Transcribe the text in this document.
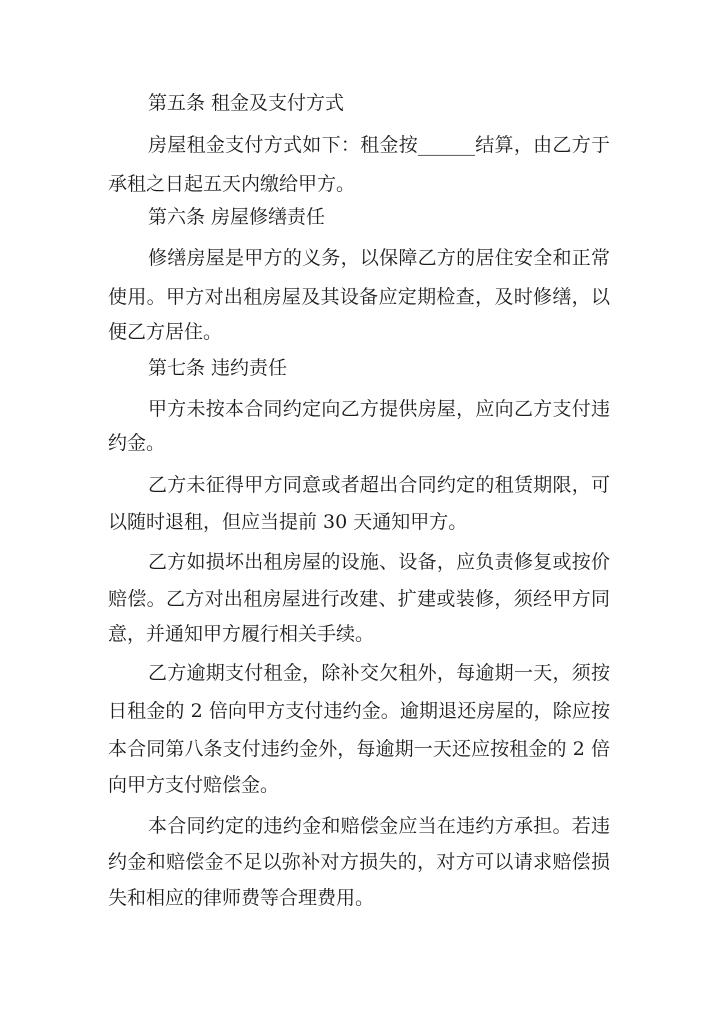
第五条 租金及支付方式
房屋租金支付方式如下：租金按______结算，由乙方于
承租之日起五天内缴给甲方。
第六条 房屋修缮责任
修缮房屋是甲方的义务，以保障乙方的居住安全和正常
使用。甲方对出租房屋及其设备应定期检查，及时修缮，以
便乙方居住。
第七条 违约责任
甲方未按本合同约定向乙方提供房屋，应向乙方支付违
约金。
乙方未征得甲方同意或者超出合同约定的租赁期限，可
以随时退租，但应当提前 30 天通知甲方。
乙方如损坏出租房屋的设施、设备，应负责修复或按价
赔偿。乙方对出租房屋进行改建、扩建或装修，须经甲方同
意，并通知甲方履行相关手续。
乙方逾期支付租金，除补交欠租外，每逾期一天，须按
日租金的 2 倍向甲方支付违约金。逾期退还房屋的，除应按
本合同第八条支付违约金外，每逾期一天还应按租金的 2 倍
向甲方支付赔偿金。
本合同约定的违约金和赔偿金应当在违约方承担。若违
约金和赔偿金不足以弥补对方损失的，对方可以请求赔偿损
失和相应的律师费等合理费用。
